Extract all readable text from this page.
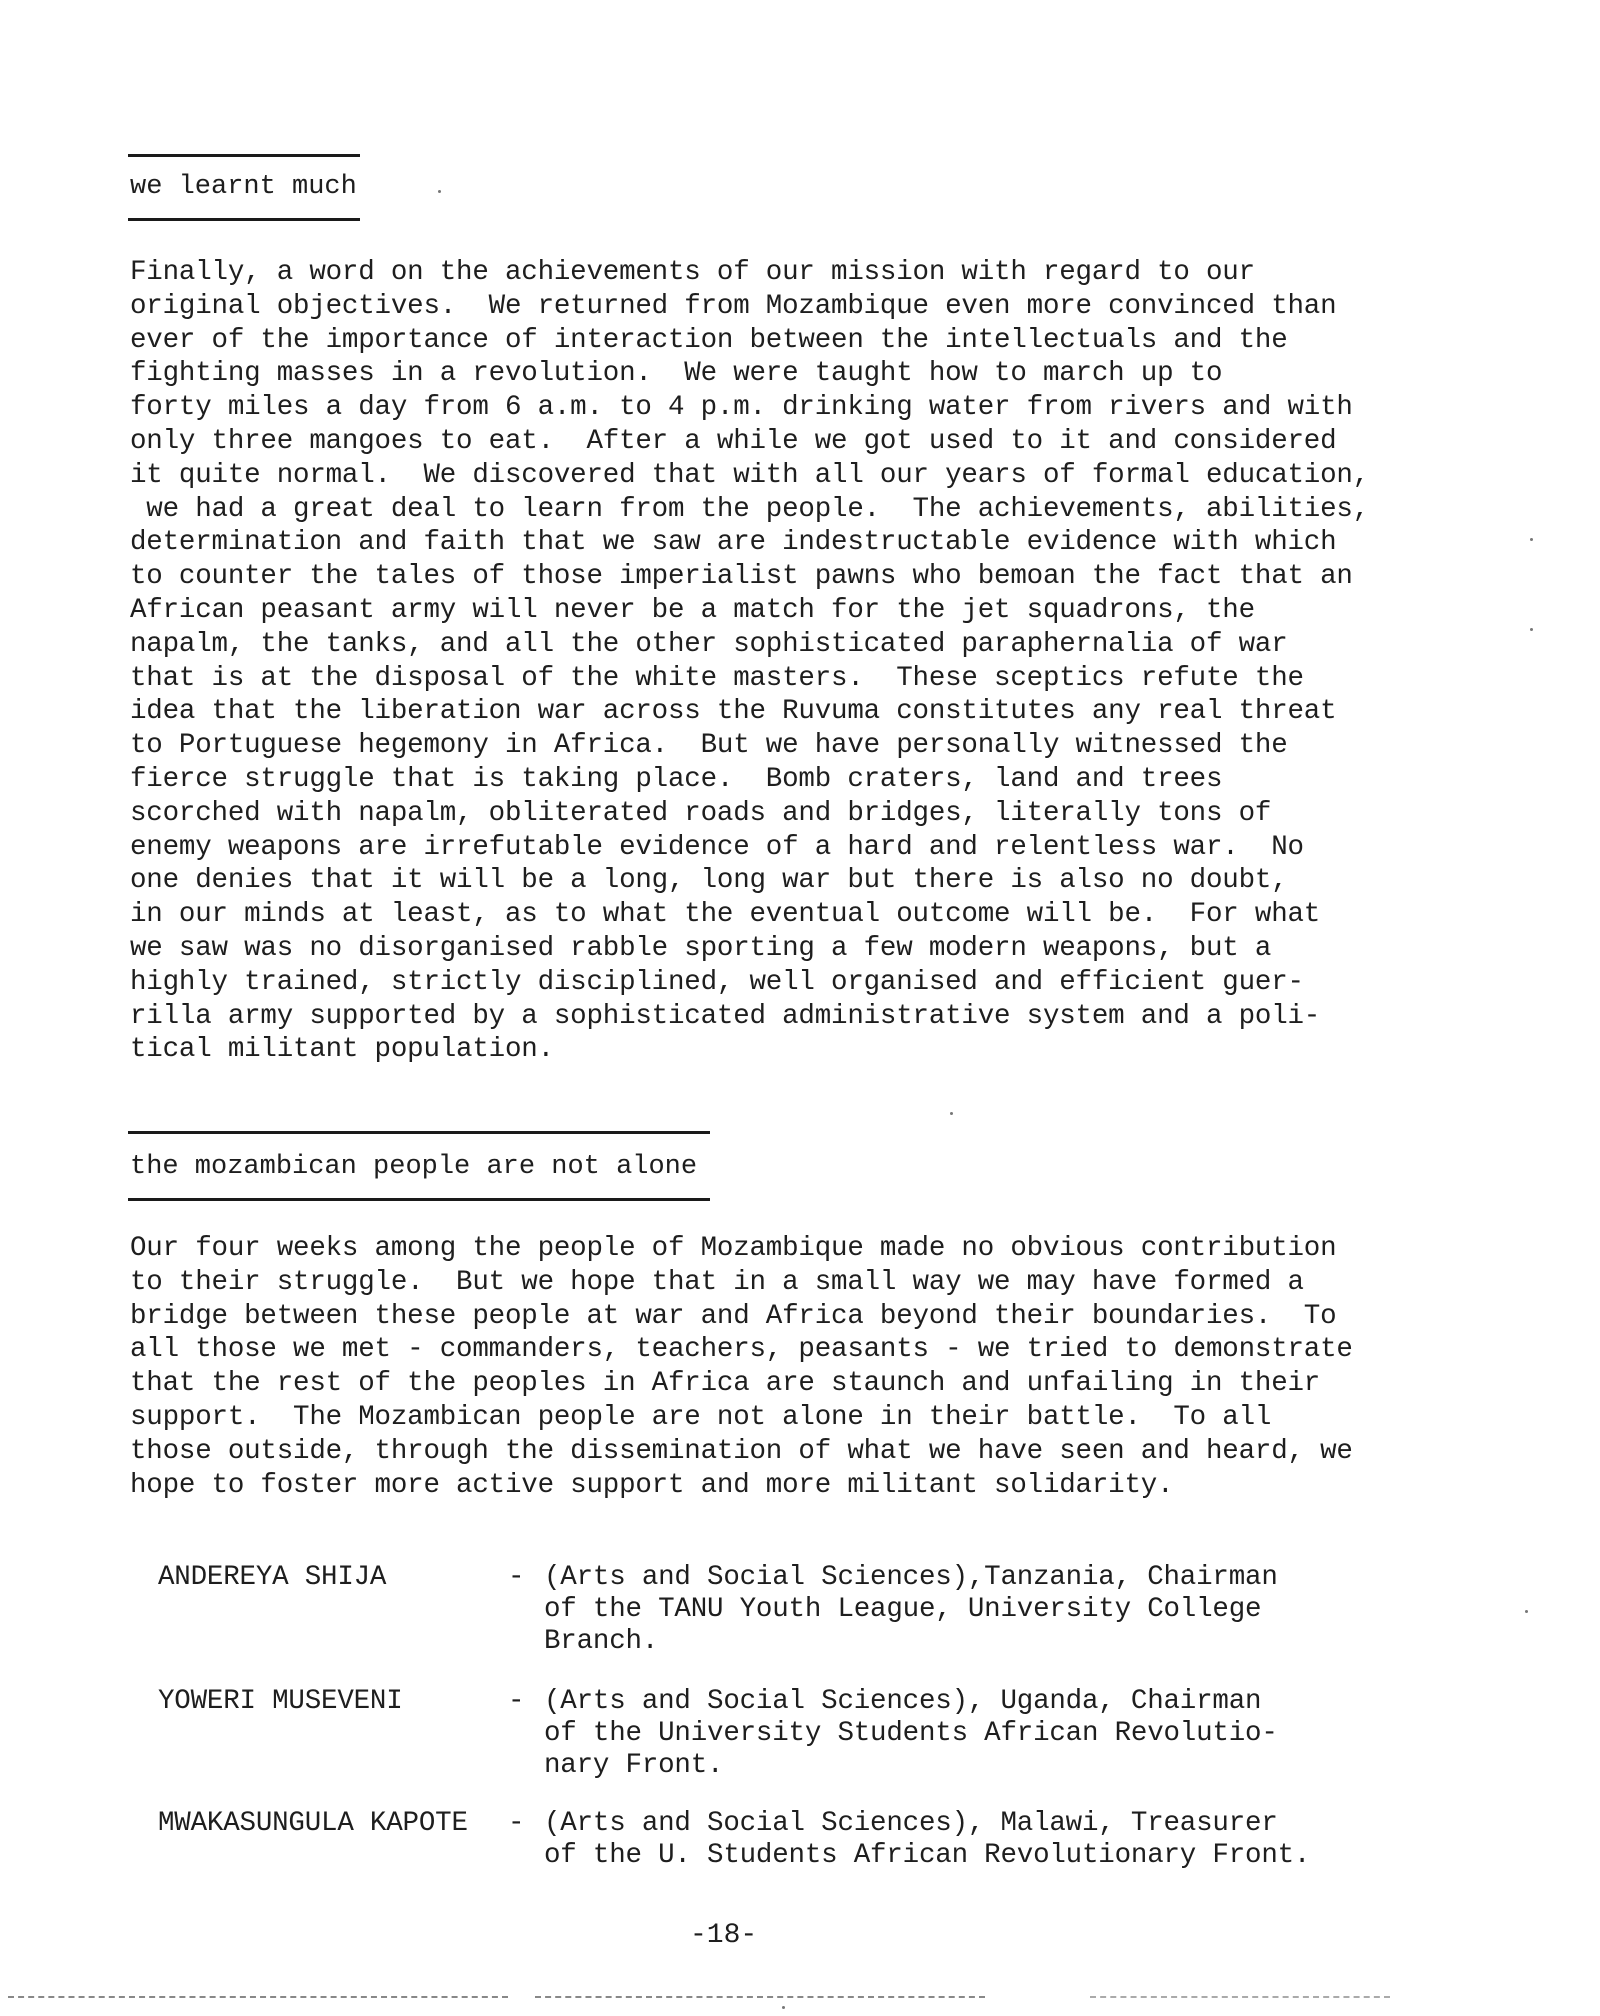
we learnt much
Finally, a word on the achievements of our mission with regard to our
original objectives.  We returned from Mozambique even more convinced than
ever of the importance of interaction between the intellectuals and the
fighting masses in a revolution.  We were taught how to march up to
forty miles a day from 6 a.m. to 4 p.m. drinking water from rivers and with
only three mangoes to eat.  After a while we got used to it and considered
it quite normal.  We discovered that with all our years of formal education,
we had a great deal to learn from the people.  The achievements, abilities,
determination and faith that we saw are indestructable evidence with which
to counter the tales of those imperialist pawns who bemoan the fact that an
African peasant army will never be a match for the jet squadrons, the
napalm, the tanks, and all the other sophisticated paraphernalia of war
that is at the disposal of the white masters.  These sceptics refute the
idea that the liberation war across the Ruvuma constitutes any real threat
to Portuguese hegemony in Africa.  But we have personally witnessed the
fierce struggle that is taking place.  Bomb craters, land and trees
scorched with napalm, obliterated roads and bridges, literally tons of
enemy weapons are irrefutable evidence of a hard and relentless war.  No
one denies that it will be a long, long war but there is also no doubt,
in our minds at least, as to what the eventual outcome will be.  For what
we saw was no disorganised rabble sporting a few modern weapons, but a
highly trained, strictly disciplined, well organised and efficient guer-
rilla army supported by a sophisticated administrative system and a poli-
tical militant population.
the mozambican people are not alone
Our four weeks among the people of Mozambique made no obvious contribution
to their struggle.  But we hope that in a small way we may have formed a
bridge between these people at war and Africa beyond their boundaries.  To
all those we met - commanders, teachers, peasants - we tried to demonstrate
that the rest of the peoples in Africa are staunch and unfailing in their
support.  The Mozambican people are not alone in their battle.  To all
those outside, through the dissemination of what we have seen and heard, we
hope to foster more active support and more militant solidarity.
ANDEREYA SHIJA	- (Arts and Social Sciences),Tanzania, Chairman
of the TANU Youth League, University College
Branch.
YOWERI MUSEVENI	- (Arts and Social Sciences), Uganda, Chairman
of the University Students African Revolutio-
nary Front.
MWAKASUNGULA KAPOTE - (Arts and Social Sciences), Malawi, Treasurer
of the U. Students African Revolutionary Front.
-18-
